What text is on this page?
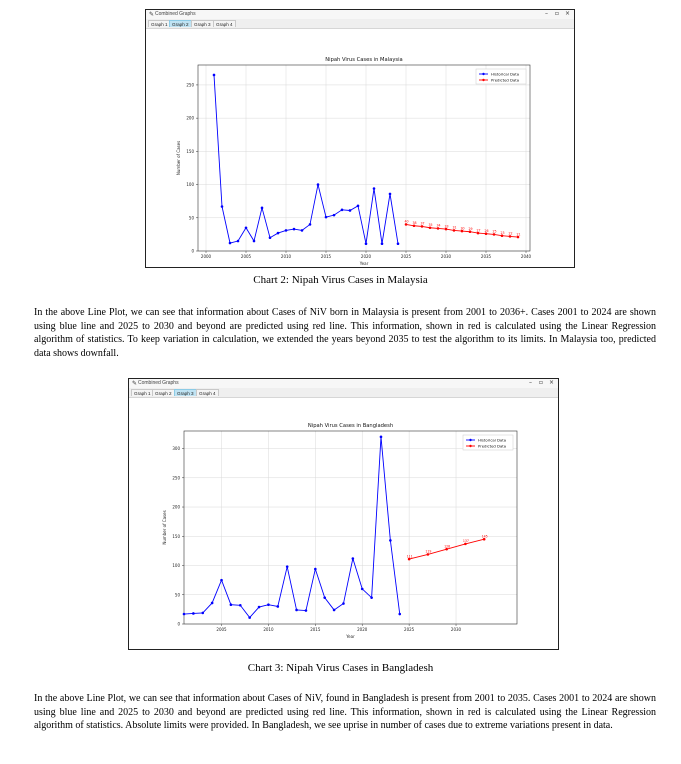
✎ Combined Graphs	– ▫ ×
Graph 1 Graph 2	Graph 3	Graph 4
2000	2005	2010	2015	2020	2025	2030	2035	2040
0
50
100
150
200
250
Nipah Virus Cases in Malaysia
Year
Number of Cases
40 38 37 35 34 33 31 30 29 27 26 25 23 22 21
Historical Data
Predicted Data
Chart 2: Nipah Virus Cases in Malaysia
In the above Line Plot, we can see that information about Cases of NiV born in Malaysia is present from 2001 to 2036+. Cases 2001 to 2024 are shown using blue line and 2025 to 2030 and beyond are predicted using red line. This information, shown in red is calculated using the Linear Regression algorithm of statistics. To keep variation in calculation, we extended the years beyond 2035 to test the algorithm to its limits. In Malaysia too, predicted data shows downfall.
✎ Combined Graphs	– ▫ ×
Graph 1 Graph 2	Graph 3	Graph 4
2005	2010	2015	2020	2025	2030
0
50
100
150
200
250
300
Nipah Virus Cases in Bangladesh
Year
Number of Cases
111
119
128
137
145
Historical Data
Predicted Data
Chart 3: Nipah Virus Cases in Bangladesh
In the above Line Plot, we can see that information about Cases of NiV, found in Bangladesh is present from 2001 to 2035. Cases 2001 to 2024 are shown using blue line and 2025 to 2030 and beyond are predicted using red line. This information, shown in red is calculated using the Linear Regression algorithm of statistics. Absolute limits were provided. In Bangladesh, we see uprise in number of cases due to extreme variations present in data.
